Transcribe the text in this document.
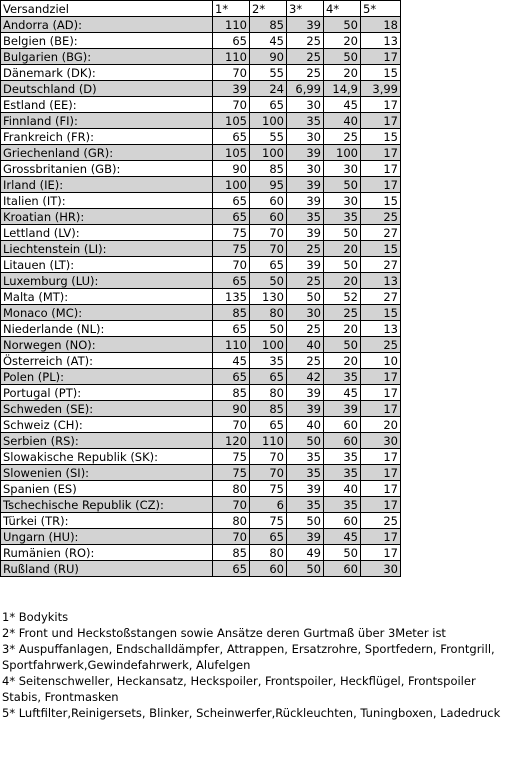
Versandziel	1*	2*	3*	4*	5*
Andorra (AD):	110	85	39	50	18
Belgien (BE):	65	45	25	20	13
Bulgarien (BG):	110	90	25	50	17
Dänemark (DK):	70	55	25	20	15
Deutschland (D)	39	24	6,99	14,9	3,99
Estland (EE):	70	65	30	45	17
Finnland (FI):	105	100	35	40	17
Frankreich (FR):	65	55	30	25	15
Griechenland (GR):	105	100	39	100	17
Grossbritanien (GB):	90	85	30	30	17
Irland (IE):	100	95	39	50	17
Italien (IT):	65	60	39	30	15
Kroatian (HR):	65	60	35	35	25
Lettland (LV):	75	70	39	50	27
Liechtenstein (LI):	75	70	25	20	15
Litauen (LT):	70	65	39	50	27
Luxemburg (LU):	65	50	25	20	13
Malta (MT):	135	130	50	52	27
Monaco (MC):	85	80	30	25	15
Niederlande (NL):	65	50	25	20	13
Norwegen (NO):	110	100	40	50	25
Österreich (AT):	45	35	25	20	10
Polen (PL):	65	65	42	35	17
Portugal (PT):	85	80	39	45	17
Schweden (SE):	90	85	39	39	17
Schweiz (CH):	70	65	40	60	20
Serbien (RS):	120	110	50	60	30
Slowakische Republik (SK):	75	70	35	35	17
Slowenien (SI):	75	70	35	35	17
Spanien (ES)	80	75	39	40	17
Tschechische Republik (CZ):	70	6	35	35	17
Türkei (TR):	80	75	50	60	25
Ungarn (HU):	70	65	39	45	17
Rumänien (RO):	85	80	49	50	17
Rußland (RU)	65	60	50	60	30
1* Bodykits
2* Front und Heckstoßstangen sowie Ansätze deren Gurtmaß über 3Meter ist
3* Auspuffanlagen, Endschalldämpfer, Attrappen, Ersatzrohre, Sportfedern, Frontgrill,
Sportfahrwerk,Gewindefahrwerk, Alufelgen
4* Seitenschweller, Heckansatz, Heckspoiler, Frontspoiler, Heckflügel, Frontspoiler
Stabis, Frontmasken
5* Luftfilter,Reinigersets, Blinker, Scheinwerfer,Rückleuchten, Tuningboxen, Ladedruck
